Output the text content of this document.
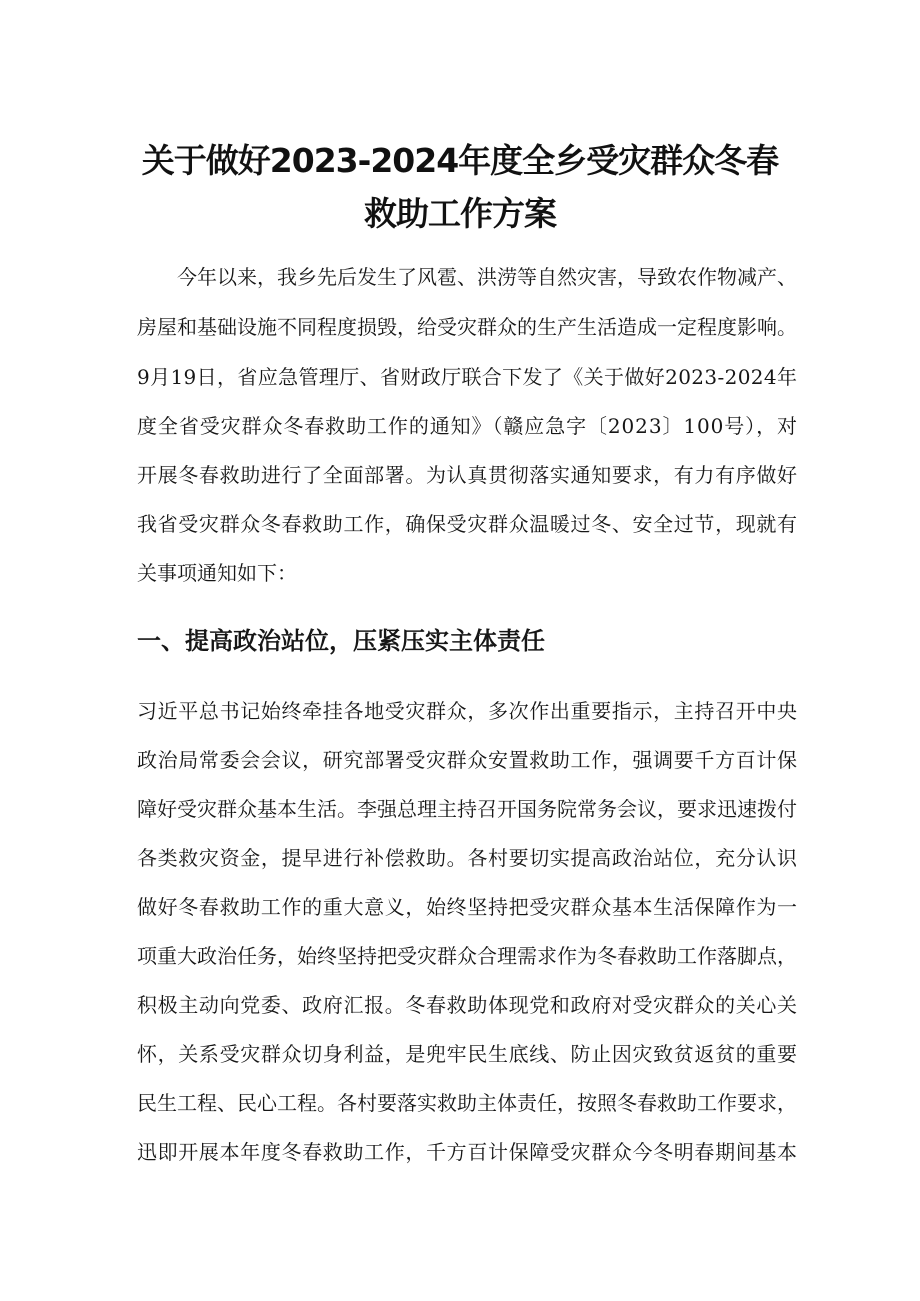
关于做好2023-2024年度全乡受灾群众冬春
救助工作方案

今年以来，我乡先后发生了风雹、洪涝等自然灾害，导致农作物减产、

房屋和基础设施不同程度损毁，给受灾群众的生产生活造成一定程度影响。

9月19日，省应急管理厅、省财政厅联合下发了《关于做好2023-2024年

度全省受灾群众冬春救助工作的通知》（赣应急字〔2023〕100号），对

开展冬春救助进行了全面部署。为认真贯彻落实通知要求，有力有序做好

我省受灾群众冬春救助工作，确保受灾群众温暖过冬、安全过节，现就有

关事项通知如下：

一、提高政治站位，压紧压实主体责任

习近平总书记始终牵挂各地受灾群众，多次作出重要指示，主持召开中央

政治局常委会会议，研究部署受灾群众安置救助工作，强调要千方百计保

障好受灾群众基本生活。李强总理主持召开国务院常务会议，要求迅速拨付

各类救灾资金，提早进行补偿救助。各村要切实提高政治站位，充分认识

做好冬春救助工作的重大意义，始终坚持把受灾群众基本生活保障作为一

项重大政治任务，始终坚持把受灾群众合理需求作为冬春救助工作落脚点，

积极主动向党委、政府汇报。冬春救助体现党和政府对受灾群众的关心关

怀，关系受灾群众切身利益，是兜牢民生底线、防止因灾致贫返贫的重要

民生工程、民心工程。各村要落实救助主体责任，按照冬春救助工作要求，

迅即开展本年度冬春救助工作，千方百计保障受灾群众今冬明春期间基本
